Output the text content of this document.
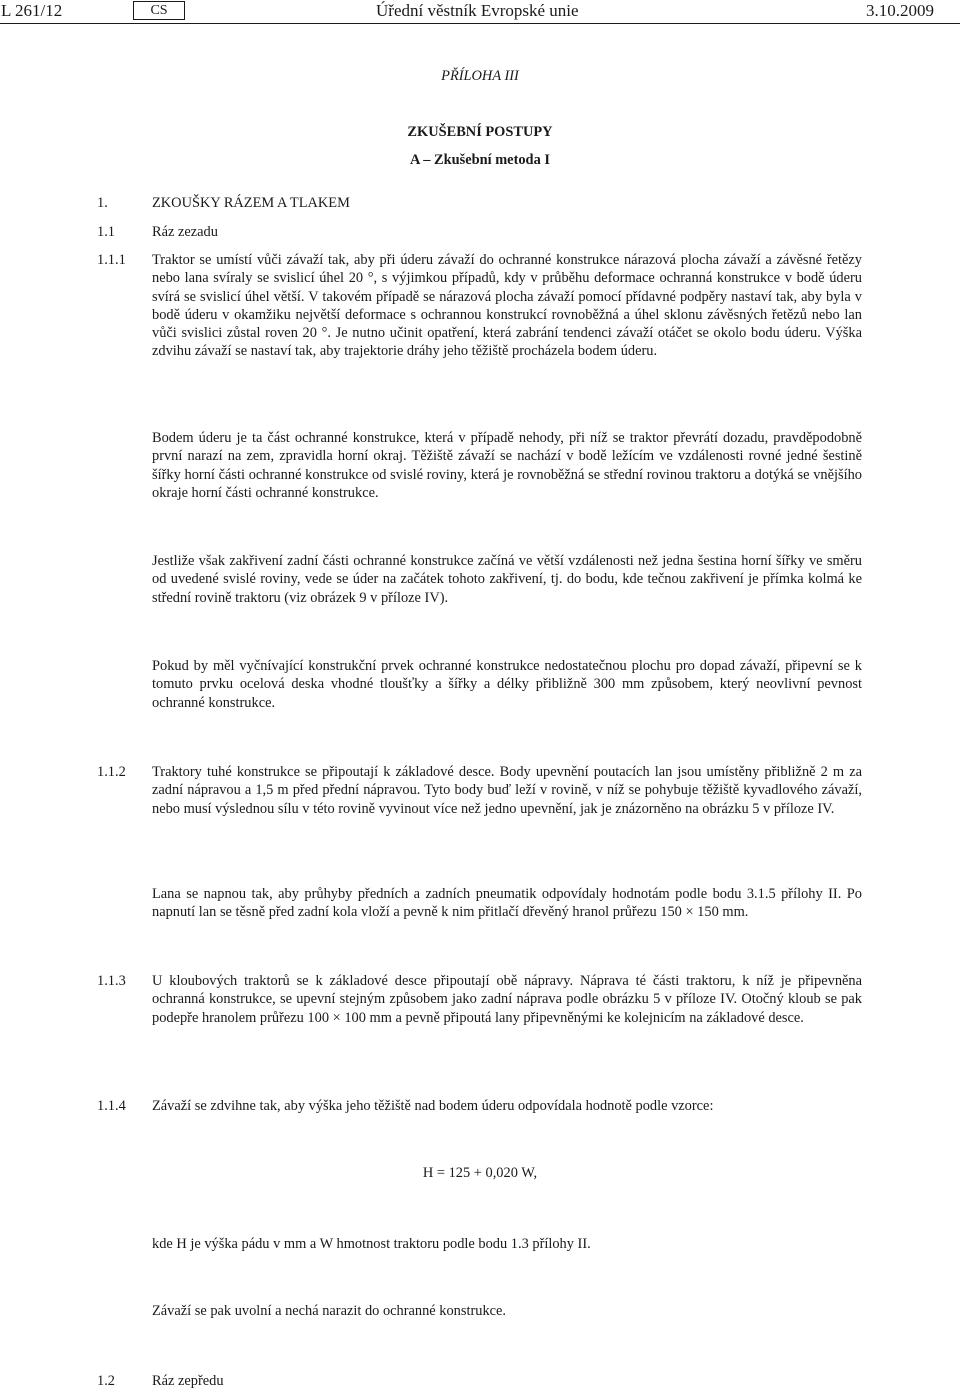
L 261/12	CS	Úřední věstník Evropské unie	3.10.2009
PŘÍLOHA III
ZKUŠEBNÍ POSTUPY
A – Zkušební metoda I
1.	ZKOUŠKY RÁZEM A TLAKEM
1.1	Ráz zezadu
1.1.1 Traktor se umístí vůči závaží tak, aby při úderu závaží do ochranné konstrukce nárazová plocha závaží a závěsné řetězy nebo lana svíraly se svislicí úhel 20 °, s výjimkou případů, kdy v průběhu deformace ochranná konstrukce v bodě úderu svírá se svislicí úhel větší. V takovém případě se nárazová plocha závaží pomocí přídavné podpěry nastaví tak, aby byla v bodě úderu v okamžiku největší deformace s ochrannou konstrukcí rovnoběžná a úhel sklonu závěsných řetězů nebo lan vůči svislici zůstal roven 20 °. Je nutno učinit opatření, která zabrání tendenci závaží otáčet se okolo bodu úderu. Výška zdvihu závaží se nastaví tak, aby trajektorie dráhy jeho těžiště procházela bodem úderu.
Bodem úderu je ta část ochranné konstrukce, která v případě nehody, při níž se traktor převrátí dozadu, pravděpodobně první narazí na zem, zpravidla horní okraj. Těžiště závaží se nachází v bodě ležícím ve vzdálenosti rovné jedné šestině šířky horní části ochranné konstrukce od svislé roviny, která je rovnoběžná se střední rovinou traktoru a dotýká se vnějšího okraje horní části ochranné konstrukce.
Jestliže však zakřivení zadní části ochranné konstrukce začíná ve větší vzdálenosti než jedna šestina horní šířky ve směru od uvedené svislé roviny, vede se úder na začátek tohoto zakřivení, tj. do bodu, kde tečnou zakřivení je přímka kolmá ke střední rovině traktoru (viz obrázek 9 v příloze IV).
Pokud by měl vyčnívající konstrukční prvek ochranné konstrukce nedostatečnou plochu pro dopad závaží, připevní se k tomuto prvku ocelová deska vhodné tloušťky a šířky a délky přibližně 300 mm způsobem, který neovlivní pevnost ochranné konstrukce.
1.1.2 Traktory tuhé konstrukce se připoutají k základové desce. Body upevnění poutacích lan jsou umístěny přibližně 2 m za zadní nápravou a 1,5 m před přední nápravou. Tyto body buď leží v rovině, v níž se pohybuje těžiště kyvadlového závaží, nebo musí výslednou sílu v této rovině vyvinout více než jedno upevnění, jak je znázorněno na obrázku 5 v příloze IV.
Lana se napnou tak, aby průhyby předních a zadních pneumatik odpovídaly hodnotám podle bodu 3.1.5 přílohy II. Po napnutí lan se těsně před zadní kola vloží a pevně k nim přitlačí dřevěný hranol průřezu 150 × 150 mm.
1.1.3 U kloubových traktorů se k základové desce připoutají obě nápravy. Náprava té části traktoru, k níž je připevněna ochranná konstrukce, se upevní stejným způsobem jako zadní náprava podle obrázku 5 v příloze IV. Otočný kloub se pak podepře hranolem průřezu 100 × 100 mm a pevně připoutá lany připevněnými ke kolejnicím na základové desce.
1.1.4 Závaží se zdvihne tak, aby výška jeho těžiště nad bodem úderu odpovídala hodnotě podle vzorce:
H = 125 + 0,020 W,
kde H je výška pádu v mm a W hmotnost traktoru podle bodu 1.3 přílohy II.
Závaží se pak uvolní a nechá narazit do ochranné konstrukce.
1.2	Ráz zepředu
